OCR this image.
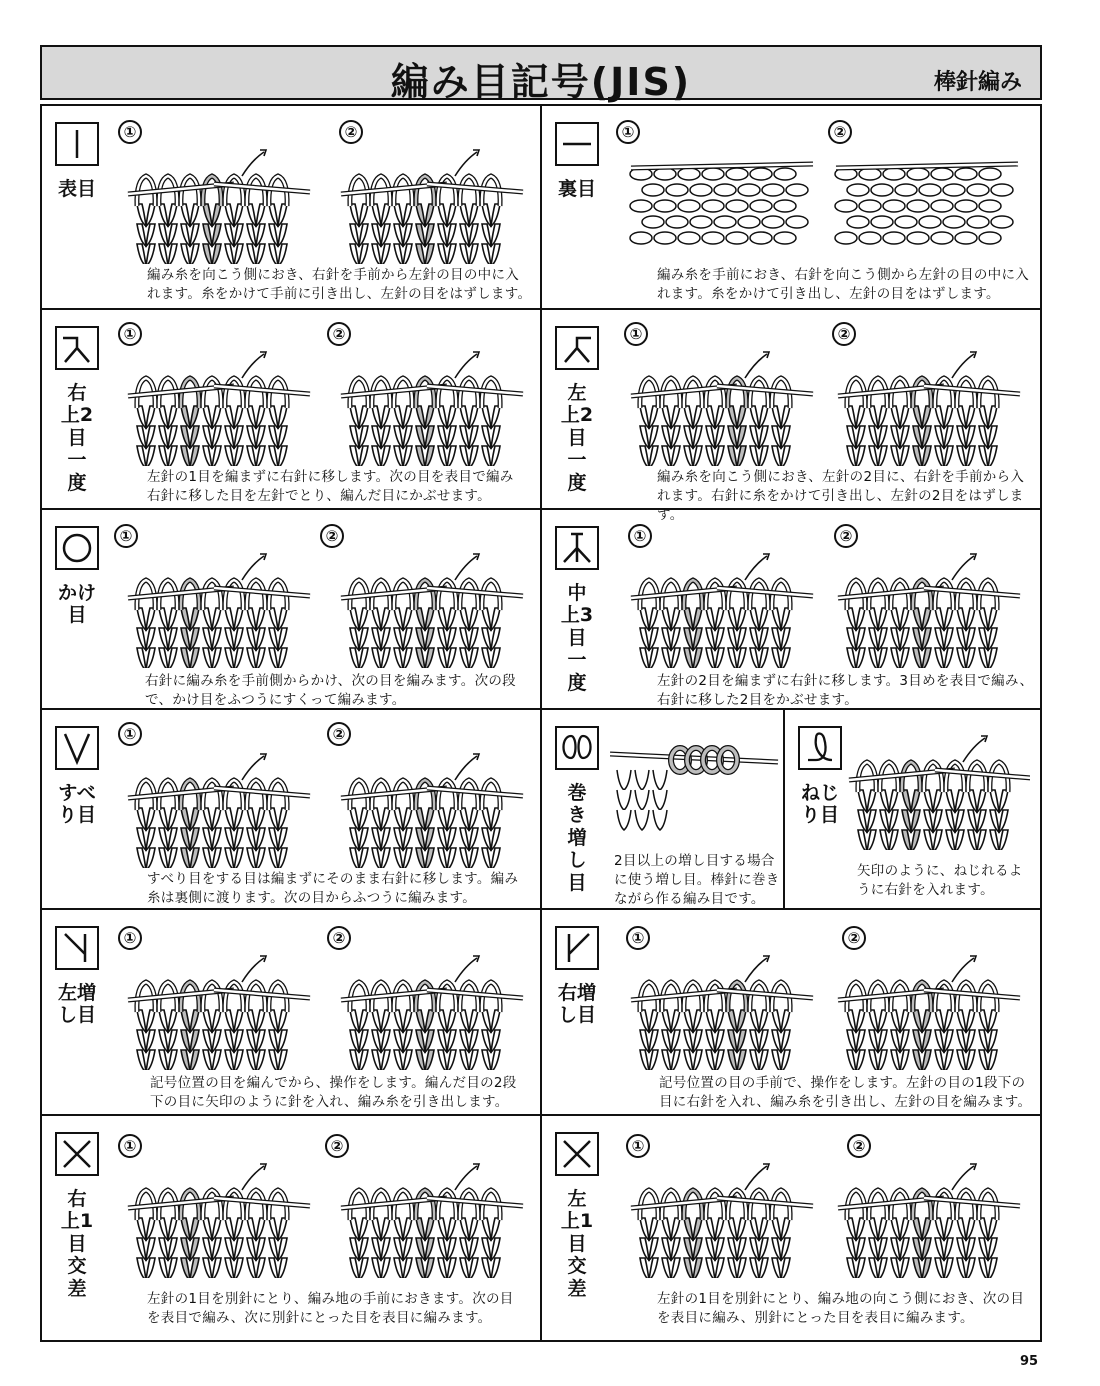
編み目記号(JIS)	棒針編み
表目
①	②
編み糸を向こう側におき、右針を手前から左針の目の中に入
れます。糸をかけて手前に引き出し、左針の目をはずします。
裏目
①	②
編み糸を手前におき、右針を向こう側から左針の目の中に入
れます。糸をかけて引き出し、左針の目をはずします。
右上2目一度
①	②
左針の1目を編まずに右針に移します。次の目を表目で編み
右針に移した目を左針でとり、編んだ目にかぶせます。
左上2目一度
①	②
編み糸を向こう側におき、左針の2目に、右針を手前から入
れます。右針に糸をかけて引き出し、左針の2目をはずします。
かけ目
①	②
右針に編み糸を手前側からかけ、次の目を編みます。次の段
で、かけ目をふつうにすくって編みます。
中上3目一度
①	②
左針の2目を編まずに右針に移します。3目めを表目で編み、
右針に移した2目をかぶせます。
すべり目
①	②
すべり目をする目は編まずにそのまま右針に移します。編み
糸は裏側に渡ります。次の目からふつうに編みます。
巻き増し目
2目以上の増し目する場合
に使う増し目。棒針に巻き
ながら作る編み目です。
ねじり目
矢印のように、ねじれるよ
うに右針を入れます。
左増し目
①	②
記号位置の目を編んでから、操作をします。編んだ目の2段
下の目に矢印のように針を入れ、編み糸を引き出します。
右増し目
①	②
記号位置の目の手前で、操作をします。左針の目の1段下の
目に右針を入れ、編み糸を引き出し、左針の目を編みます。
右上1目交差
①	②
左針の1目を別針にとり、編み地の手前におきます。次の目
を表目で編み、次に別針にとった目を表目に編みます。
左上1目交差
①	②
左針の1目を別針にとり、編み地の向こう側におき、次の目
を表目に編み、別針にとった目を表目に編みます。
95
